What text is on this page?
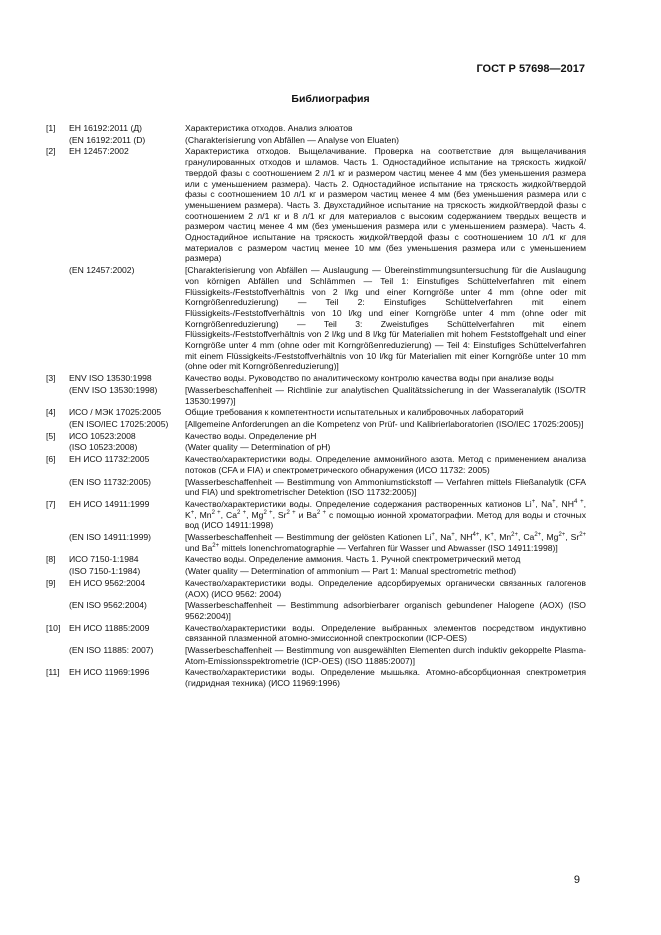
ГОСТ Р 57698—2017
Библиография
[1]	ЕН 16192:2011 (Д)	Характеристика отходов. Анализ элюатов
(EN 16192:2011 (D)	(Charakterisierung von Abfällen — Analyse von Eluaten)
[2]	ЕН 12457:2002	Характеристика отходов. Выщелачивание. Проверка на соответствие для выщелачивания гранулированных отходов и шламов. Часть 1. Одностадийное испытание на тряскость жидкой/твердой фазы с соотношением 2 л/1 кг и размером частиц менее 4 мм (без уменьшения размера или с уменьшением размера). Часть 2. Одностадийное испытание на тряскость жидкой/твердой фазы с соотношением 10 л/1 кг и размером частиц менее 4 мм (без уменьшения размера или с уменьшением размера). Часть 3. Двухстадийное испытание на тряскость жидкой/твердой фазы с соотношением 2 л/1 кг и 8 л/1 кг для материалов с высоким содержанием твердых веществ и размером частиц менее 4 мм (без уменьшения размера или с уменьшением размера). Часть 4. Одностадийное испытание на тряскость жидкой/твердой фазы с соотношением 10 л/1 кг для материалов с размером частиц менее 10 мм (без уменьшения размера или с уменьшением размера)
(EN 12457:2002)	[Charakterisierung von Abfällen — Auslaugung — Übereinstimmungsuntersuchung für die Auslaugung von körnigen Abfällen und Schlämmen — Teil 1: Einstufiges Schüttelverfahren mit einem Flüssigkeits-/Feststoffverhältnis von 2 l/kg und einer Korngröße unter 4 mm (ohne oder mit Korngrößenreduzierung) — Teil 2: Einstufiges Schüttelverfahren mit einem Flüssigkeits-/Feststoffverhältnis von 10 l/kg und einer Korngröße unter 4 mm (ohne oder mit Korngrößenreduzierung) — Teil 3: Zweistufiges Schüttelverfahren mit einem Flüssigkeits-/Feststoffverhältnis von 2 l/kg und 8 l/kg für Materialien mit hohem Feststoffgehalt und einer Korngröße unter 4 mm (ohne oder mit Korngrößenreduzierung) — Teil 4: Einstufiges Schüttelverfahren mit einem Flüssigkeits-/Feststoffverhältnis von 10 l/kg für Materialien mit einer Korngröße unter 10 mm (ohne oder mit Korngrößenreduzierung)]
[3]	ENV ISO 13530:1998	Качество воды. Руководство по аналитическому контролю качества воды при анализе воды
(ENV ISO 13530:1998)	[Wasserbeschaffenheit — Richtlinie zur analytischen Qualitätssicherung in der Wasseranalytik (ISO/TR 13530:1997)]
[4]	ИСО / МЭК 17025:2005	Общие требования к компетентности испытательных и калибровочных лабораторий
(EN ISO/IEC 17025:2005)	[Allgemeine Anforderungen an die Kompetenz von Prüf- und Kalibrierlaboratorien (ISO/IEC 17025:2005)]
[5]	ИСО 10523:2008	Качество воды. Определение pH
(ISO 10523:2008)	(Water quality — Determination of pH)
[6]	ЕН ИСО 11732:2005	Качество/характеристики воды. Определение аммонийного азота. Метод с применением анализа потоков (CFA и FIA) и спектрометрического обнаружения (ИСО 11732: 2005)
(EN ISO 11732:2005)	[Wasserbeschaffenheit — Bestimmung von Ammoniumstickstoff — Verfahren mittels Fließanalytik (CFA und FIA) und spektrometrischer Detektion (ISO 11732:2005)]
[7]	ЕН ИСО 14911:1999	Качество/характеристики воды. Определение содержания растворенных катионов Li+, Na+, $NH^{4 +}$, K+, $Mn^{2 +}$, $Ca^{2 +}$, $Mg^{2 +}$, $Sr^{2 +}$ и $Ba^{2 +}$ с помощью ионной хроматографии. Метод для воды и сточных вод (ИСО 14911:1998)
(EN ISO 14911:1999)	[Wasserbeschaffenheit — Bestimmung der gelösten Kationen Li+, Na+, $NH^{4+}$, K+, $Mn^{2+}$, $Ca^{2+}$, $Mg^{2+}$, $Sr^{2+}$ und $Ba^{2+}$ mittels Ionenchromatographie — Verfahren für Wasser und Abwasser (ISO 14911:1998)]
[8]	ИСО 7150-1:1984	Качество воды. Определение аммония. Часть 1. Ручной спектрометрический метод
(ISO 7150-1:1984)	(Water quality — Determination of ammonium — Part 1: Manual spectrometric method)
[9]	ЕН ИСО 9562:2004	Качество/характеристики воды. Определение адсорбируемых органически связанных галогенов (AOX) (ИСО 9562: 2004)
(EN ISO 9562:2004)	[Wasserbeschaffenheit — Bestimmung adsorbierbarer organisch gebundener Halogene (AOX) (ISO 9562:2004)]
[10]	ЕН ИСО 11885:2009	Качество/характеристики воды. Определение выбранных элементов посредством индуктивно связанной плазменной атомно-эмиссионной спектроскопии (ICP-OES)
(EN ISO 11885: 2007)	[Wasserbeschaffenheit — Bestimmung von ausgewählten Elementen durch induktiv gekoppelte Plasma-Atom-Emissionsspektrometrie (ICP-OES) (ISO 11885:2007)]
[11]	ЕН ИСО 11969:1996	Качество/характеристики воды. Определение мышьяка. Атомно-абсорбционная спектрометрия (гидридная техника) (ИСО 11969:1996)
9
